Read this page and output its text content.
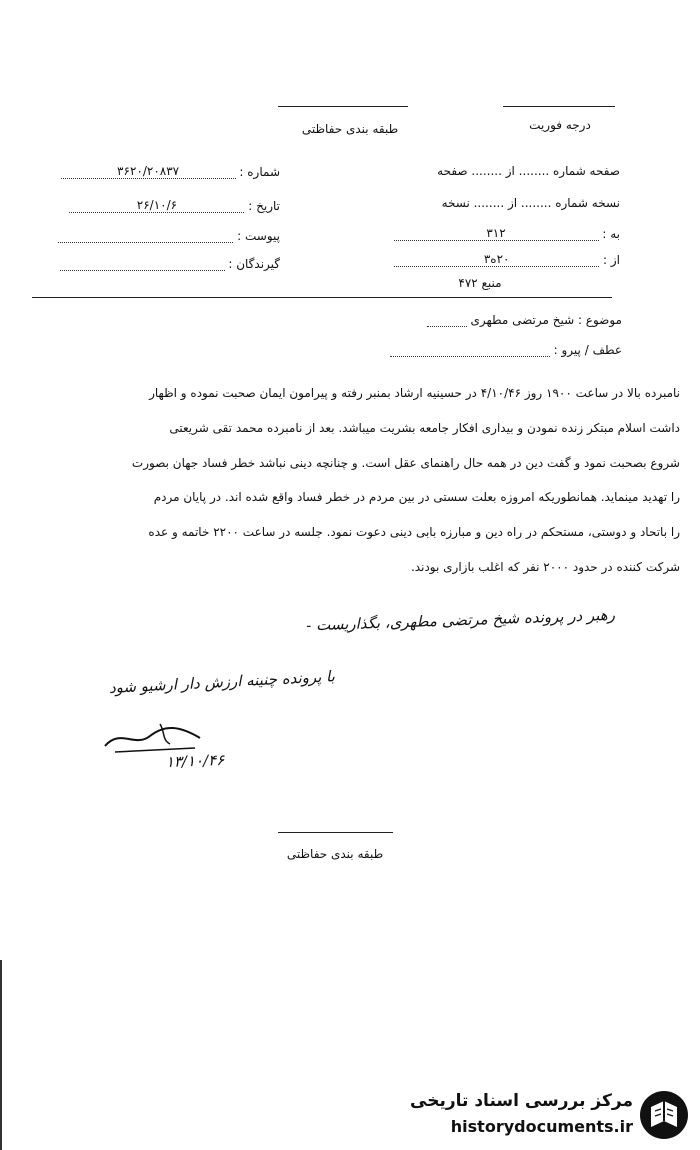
طبقه بندی حفاظتی	درجه فوریت
شماره : ۳۶۲۰/۲۰۸۳۷
تاریخ : ۲۶/۱۰/۶
پیوست :
گیرندگان :
صفحه شماره ........ از ........ صفحه
نسخه شماره ........ از ........ نسخه
به : ۳۱۲
از : ۲۰ه۳
منبع ۴۷۲
موضوع : شیخ مرتضی مطهری
عطف / پیرو :
نامبرده بالا در ساعت ۱۹۰۰ روز ۴/۱۰/۴۶ در حسینیه ارشاد بمنبر رفته و پیرامون ایمان صحبت نموده و اظهار
داشت اسلام مبتکر زنده نمودن و بیداری افکار جامعه بشریت میباشد. بعد از نامبرده محمد تقی شریعتی
شروع بصحبت نمود و گفت دین در همه حال راهنمای عقل است. و چنانچه دینی نباشد خطر فساد جهان بصورت
را تهدید مینماید. همانطوریکه امروزه بعلت سستی در بین مردم در خطر فساد واقع شده اند. در پایان مردم
را باتحاد و دوستی، مستحکم در راه دین و مبارزه بابی دینی دعوت نمود. جلسه در ساعت ۲۲۰۰ خاتمه و عده
شرکت کننده در حدود ۲۰۰۰ نفر که اغلب بازاری بودند.
رهبر در پرونده شیخ مرتضی مطهری، بگذاریست -
با پرونده چنینه ارزش دار ارشیو شود
۱۳/۱۰/۴۶
طبقه بندی حفاظتی
مرکز بررسی اسناد تاریخی
historydocuments.ir
